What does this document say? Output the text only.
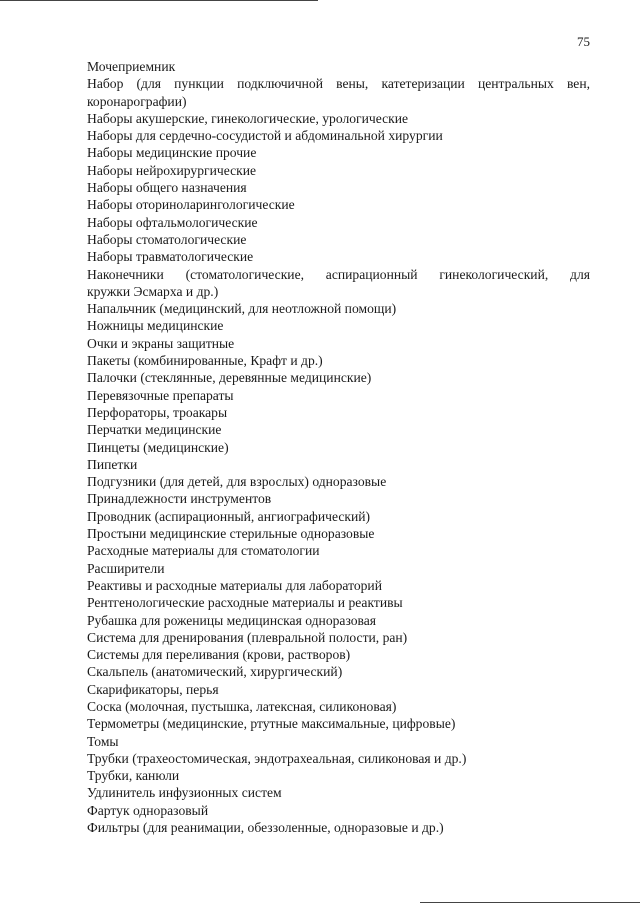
75
Мочеприемник
Набор (для пункции подключичной вены, катетеризации центральных вен,
коронарографии)
Наборы акушерские, гинекологические, урологические
Наборы для сердечно-сосудистой и абдоминальной хирургии
Наборы медицинские прочие
Наборы нейрохирургические
Наборы общего назначения
Наборы оториноларингологические
Наборы офтальмологические
Наборы стоматологические
Наборы травматологические
Наконечники (стоматологические, аспирационный гинекологический, для
кружки Эсмарха и др.)
Напальчник (медицинский, для неотложной помощи)
Ножницы медицинские
Очки и экраны защитные
Пакеты (комбинированные, Крафт и др.)
Палочки (стеклянные, деревянные медицинские)
Перевязочные препараты
Перфораторы, троакары
Перчатки медицинские
Пинцеты (медицинские)
Пипетки
Подгузники (для детей, для взрослых) одноразовые
Принадлежности инструментов
Проводник (аспирационный, ангиографический)
Простыни медицинские стерильные одноразовые
Расходные материалы для стоматологии
Расширители
Реактивы и расходные материалы для лабораторий
Рентгенологические расходные материалы и реактивы
Рубашка для роженицы медицинская одноразовая
Система для дренирования (плевральной полости, ран)
Системы для переливания (крови, растворов)
Скальпель (анатомический, хирургический)
Скарификаторы, перья
Соска (молочная, пустышка, латексная, силиконовая)
Термометры (медицинские, ртутные максимальные, цифровые)
Томы
Трубки (трахеостомическая, эндотрахеальная, силиконовая и др.)
Трубки, канюли
Удлинитель инфузионных систем
Фартук одноразовый
Фильтры (для реанимации, обеззоленные, одноразовые и др.)
